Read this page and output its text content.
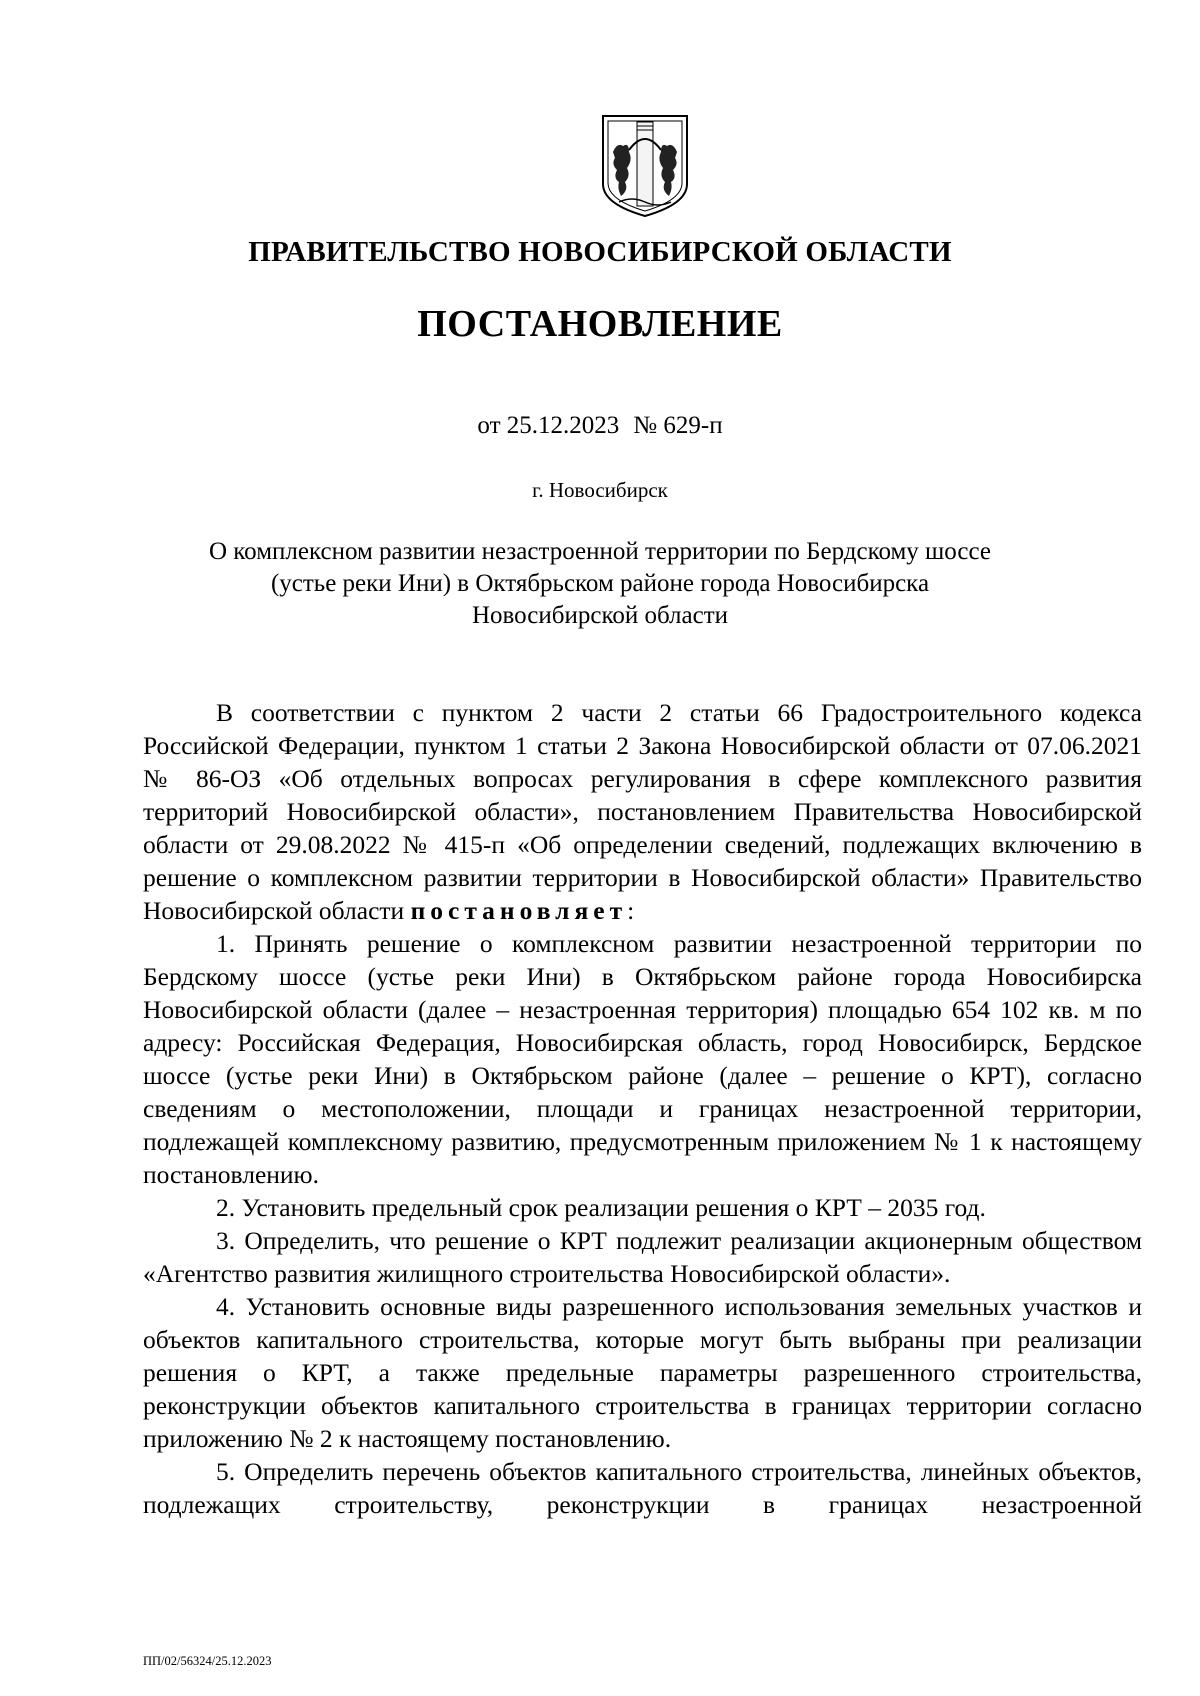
ПРАВИТЕЛЬСТВО НОВОСИБИРСКОЙ ОБЛАСТИ
ПОСТАНОВЛЕНИЕ
от 25.12.2023 № 629-п
г. Новосибирск
О комплексном развитии незастроенной территории по Бердскому шоссе
(устье реки Ини) в Октябрьском районе города Новосибирска
Новосибирской области

В соответствии с пунктом 2 части 2 статьи 66 Градостроительного кодекса Российской Федерации, пунктом 1 статьи 2 Закона Новосибирской области от 07.06.2021 № 86-ОЗ «Об отдельных вопросах регулирования в сфере комплексного развития территорий Новосибирской области», постановлением Правительства Новосибирской области от 29.08.2022 № 415-п «Об определении сведений, подлежащих включению в решение о комплексном развитии территории в Новосибирской области» Правительство Новосибирской области постановляет:

1. Принять решение о комплексном развитии незастроенной территории по Бердскому шоссе (устье реки Ини) в Октябрьском районе города Новосибирска Новосибирской области (далее – незастроенная территория) площадью 654 102 кв. м по адресу: Российская Федерация, Новосибирская область, город Новосибирск, Бердское шоссе (устье реки Ини) в Октябрьском районе (далее – решение о КРТ), согласно сведениям о местоположении, площади и границах незастроенной территории, подлежащей комплексному развитию, предусмотренным приложением № 1 к настоящему постановлению.

2. Установить предельный срок реализации решения о КРТ – 2035 год.

3. Определить, что решение о КРТ подлежит реализации акционерным обществом «Агентство развития жилищного строительства Новосибирской области».

4. Установить основные виды разрешенного использования земельных участков и объектов капитального строительства, которые могут быть выбраны при реализации решения о КРТ, а также предельные параметры разрешенного строительства, реконструкции объектов капитального строительства в границах территории согласно приложению № 2 к настоящему постановлению.

5. Определить перечень объектов капитального строительства, линейных объектов, подлежащих строительству, реконструкции в границах незастроенной

ПП/02/56324/25.12.2023
